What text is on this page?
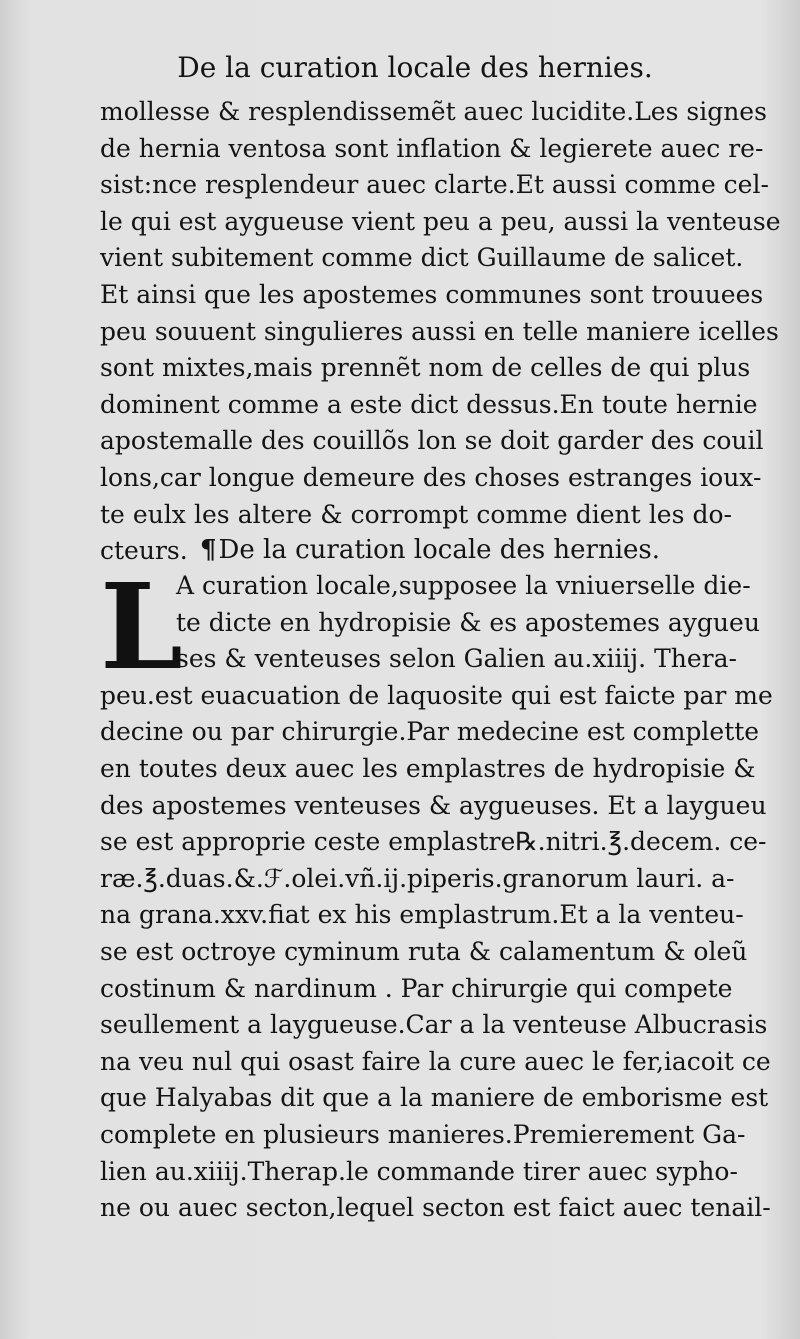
De la curation locale des hernies.
mollesse & resplendissemẽt auec lucidite.Les signes
de hernia ventosa sont inflation & legierete auec re-
sist:nce resplendeur auec clarte.Et aussi comme cel-
le qui est aygueuse vient peu a peu, aussi la venteuse
vient subitement comme dict Guillaume de salicet.
Et ainsi que les apostemes communes sont trouuees
peu souuent singulieres aussi en telle maniere icelles
sont mixtes,mais prennẽt nom de celles de qui plus
dominent comme a este dict dessus.En toute hernie
apostemalle des couillõs lon se doit garder des couil
lons,car longue demeure des choses estranges ioux-
te eulx les altere & corrompt comme dient les do-
cteurs. ¶De la curation locale des hernies.
L
A curation locale,supposee la vniuerselle die-
te dicte en hydropisie & es apostemes aygueu
ses & venteuses selon Galien au.xiiij. Thera-
peu.est euacuation de laquosite qui est faicte par me
decine ou par chirurgie.Par medecine est complette
en toutes deux auec les emplastres de hydropisie &
des apostemes venteuses & aygueuses. Et a laygueu
se est approprie ceste emplastre℞.nitri.℥.decem. ce-
ræ.℥.duas.&.ℱ.olei.vñ.ij.piperis.granorum lauri. a-
na grana.xxv.fiat ex his emplastrum.Et a la venteu-
se est octroye cyminum ruta & calamentum & oleũ
costinum & nardinum . Par chirurgie qui compete
seullement a laygueuse.Car a la venteuse Albucrasis
na veu nul qui osast faire la cure auec le fer,iacoit ce
que Halyabas dit que a la maniere de emborisme est
complete en plusieurs manieres.Premierement Ga-
lien au.xiiij.Therap.le commande tirer auec sypho-
ne ou auec secton,lequel secton est faict auec tenail-
